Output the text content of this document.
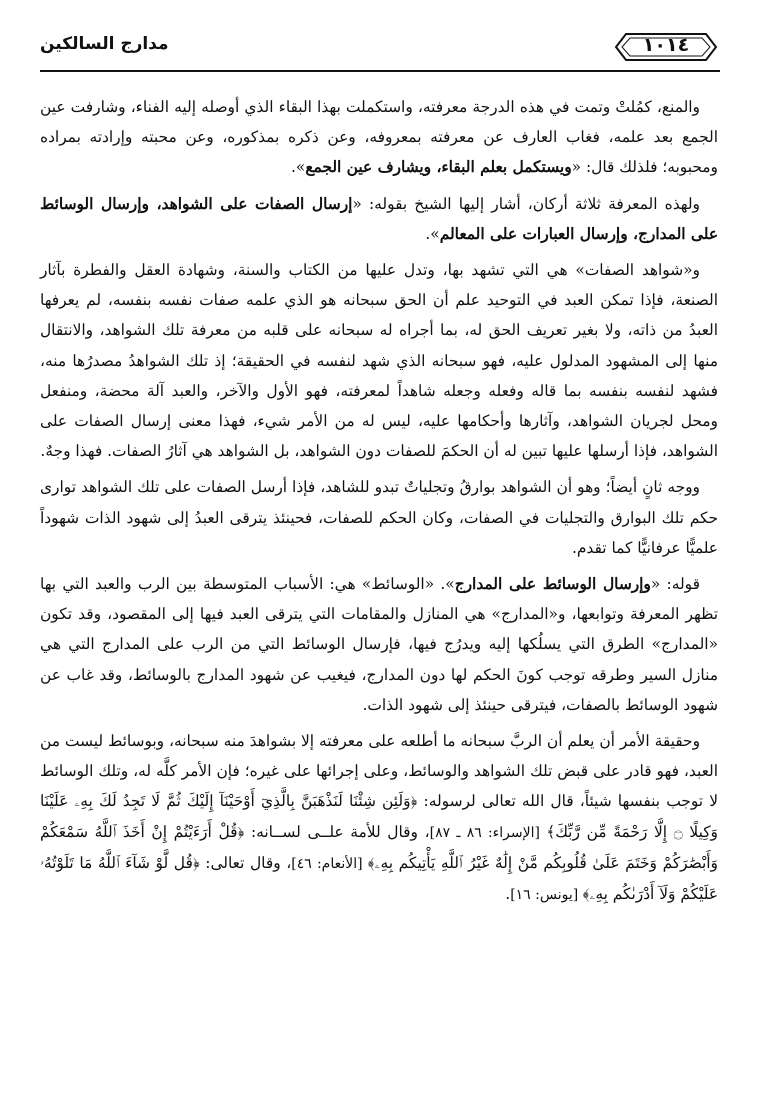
مدارج السالكين	١٠١٤

والمنع، كمُلتْ وتمت في هذه الدرجة معرفته، واستكملت بهذا البقاء الذي أوصله إليه الفناء، وشارفت عين الجمع بعد علمه، فغاب العارف عن معرفته بمعروفه، وعن ذكره بمذكوره، وعن محبته وإرادته بمراده ومحبوبه؛ فلذلك قال: «ويستكمل بعلم البقاء، ويشارف عين الجمع».

ولهذه المعرفة ثلاثة أركان، أشار إليها الشيخ بقوله: «إرسال الصفات على الشواهد، وإرسال الوسائط على المدارج، وإرسال العبارات على المعالم».

و«شواهد الصفات» هي التي تشهد بها، وتدل عليها من الكتاب والسنة، وشهادة العقل والفطرة بآثار الصنعة، فإذا تمكن العبد في التوحيد علم أن الحق سبحانه هو الذي علمه صفات نفسه بنفسه، لم يعرفها العبدُ من ذاته، ولا بغير تعريف الحق له، بما أجراه له سبحانه على قلبه من معرفة تلك الشواهد، والانتقال منها إلى المشهود المدلول عليه، فهو سبحانه الذي شهد لنفسه في الحقيقة؛ إذ تلك الشواهدُ مصدرُها منه، فشهد لنفسه بنفسه بما قاله وفعله وجعله شاهداً لمعرفته، فهو الأول والآخر، والعبد آلة محضة، ومنفعل ومحل لجريان الشواهد، وآثارها وأحكامها عليه، ليس له من الأمر شيء، فهذا معنى إرسال الصفات على الشواهد، فإذا أرسلها عليها تبين له أن الحكمَ للصفات دون الشواهد، بل الشواهد هي آثارُ الصفات. فهذا وجهٌ.

ووجه ثانٍ أيضاً؛ وهو أن الشواهد بوارقُ وتجلياتٌ تبدو للشاهد، فإذا أرسل الصفات على تلك الشواهد توارى حكم تلك البوارق والتجليات في الصفات، وكان الحكم للصفات، فحينئذ يترقى العبدُ إلى شهود الذات شهوداً علميًّا عرفانيًّا كما تقدم.

قوله: «وإرسال الوسائط على المدارج». «الوسائط» هي: الأسباب المتوسطة بين الرب والعبد التي بها تظهر المعرفة وتوابعها، و«المدارج» هي المنازل والمقامات التي يترقى العبد فيها إلى المقصود، وقد تكون «المدارج» الطرق التي يسلُكها إليه ويدرُج فيها، فإرسال الوسائط التي من الرب على المدارج التي هي منازل السير وطرقه توجب كونَ الحكم لها دون المدارج، فيغيب عن شهود المدارج بالوسائط، وقد غاب عن شهود الوسائط بالصفات، فيترقى حينئذ إلى شهود الذات.

وحقيقة الأمر أن يعلم أن الربَّ سبحانه ما أطلعه على معرفته إلا بشواهدَ منه سبحانه، وبوسائط ليست من العبد، فهو قادر على قبض تلك الشواهد والوسائط، وعلى إجرائها على غيره؛ فإن الأمر كلَّه له، وتلك الوسائط لا توجب بنفسها شيئاً، قال الله تعالى لرسوله: ﴿وَلَئِن شِئْنَا لَنَذْهَبَنَّ بِالَّذِيٓ أَوْحَيْنَآ إِلَيْكَ ثُمَّ لَا تَجِدُ لَكَ بِهِۦ عَلَيْنَا وَكِيلًا ۝ إِلَّا رَحْمَةً مِّن رَّبِّكَ﴾ [الإسراء: ٨٦ ـ ٨٧]، وقال للأمة علــى لســانه: ﴿قُلْ أَرَءَيْتُمْ إِنْ أَخَذَ ٱللَّهُ سَمْعَكُمْ وَأَبْصَٰرَكُمْ وَخَتَمَ عَلَىٰ قُلُوبِكُم مَّنْ إِلَٰهٌ غَيْرُ ٱللَّهِ يَأْتِيكُم بِهِۦ﴾ [الأنعام: ٤٦]، وقال تعالى: ﴿قُل لَّوْ شَآءَ ٱللَّهُ مَا تَلَوْتُهُۥ عَلَيْكُمْ وَلَآ أَدْرَىٰكُم بِهِۦ﴾ [يونس: ١٦].
